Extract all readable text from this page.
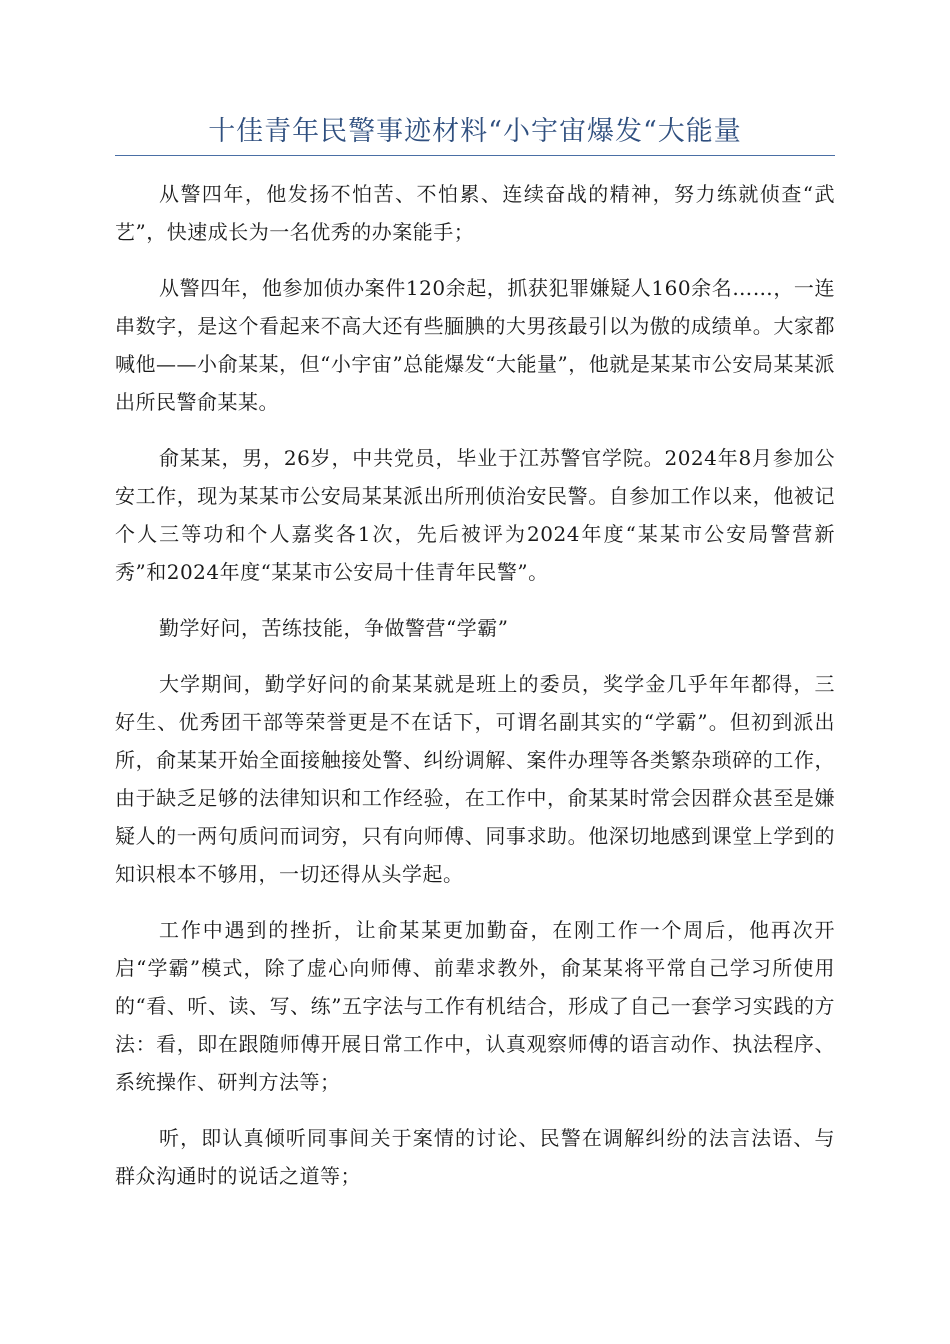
十佳青年民警事迹材料“小宇宙爆发“大能量

从警四年，他发扬不怕苦、不怕累、连续奋战的精神，努力练就侦查“武艺”，快速成长为一名优秀的办案能手；

从警四年，他参加侦办案件120余起，抓获犯罪嫌疑人160余名……，一连串数字，是这个看起来不高大还有些腼腆的大男孩最引以为傲的成绩单。大家都喊他——小俞某某，但“小宇宙”总能爆发“大能量”，他就是某某市公安局某某派出所民警俞某某。

俞某某，男，26岁，中共党员，毕业于江苏警官学院。2024年8月参加公安工作，现为某某市公安局某某派出所刑侦治安民警。自参加工作以来，他被记个人三等功和个人嘉奖各1次，先后被评为2024年度“某某市公安局警营新秀”和2024年度“某某市公安局十佳青年民警”。

勤学好问，苦练技能，争做警营“学霸”

大学期间，勤学好问的俞某某就是班上的委员，奖学金几乎年年都得，三好生、优秀团干部等荣誉更是不在话下，可谓名副其实的“学霸”。但初到派出所，俞某某开始全面接触接处警、纠纷调解、案件办理等各类繁杂琐碎的工作，由于缺乏足够的法律知识和工作经验，在工作中，俞某某时常会因群众甚至是嫌疑人的一两句质问而词穷，只有向师傅、同事求助。他深切地感到课堂上学到的知识根本不够用，一切还得从头学起。

工作中遇到的挫折，让俞某某更加勤奋，在刚工作一个周后，他再次开启“学霸”模式，除了虚心向师傅、前辈求教外，俞某某将平常自己学习所使用的“看、听、读、写、练”五字法与工作有机结合，形成了自己一套学习实践的方法：看，即在跟随师傅开展日常工作中，认真观察师傅的语言动作、执法程序、系统操作、研判方法等；

听，即认真倾听同事间关于案情的讨论、民警在调解纠纷的法言法语、与群众沟通时的说话之道等；
